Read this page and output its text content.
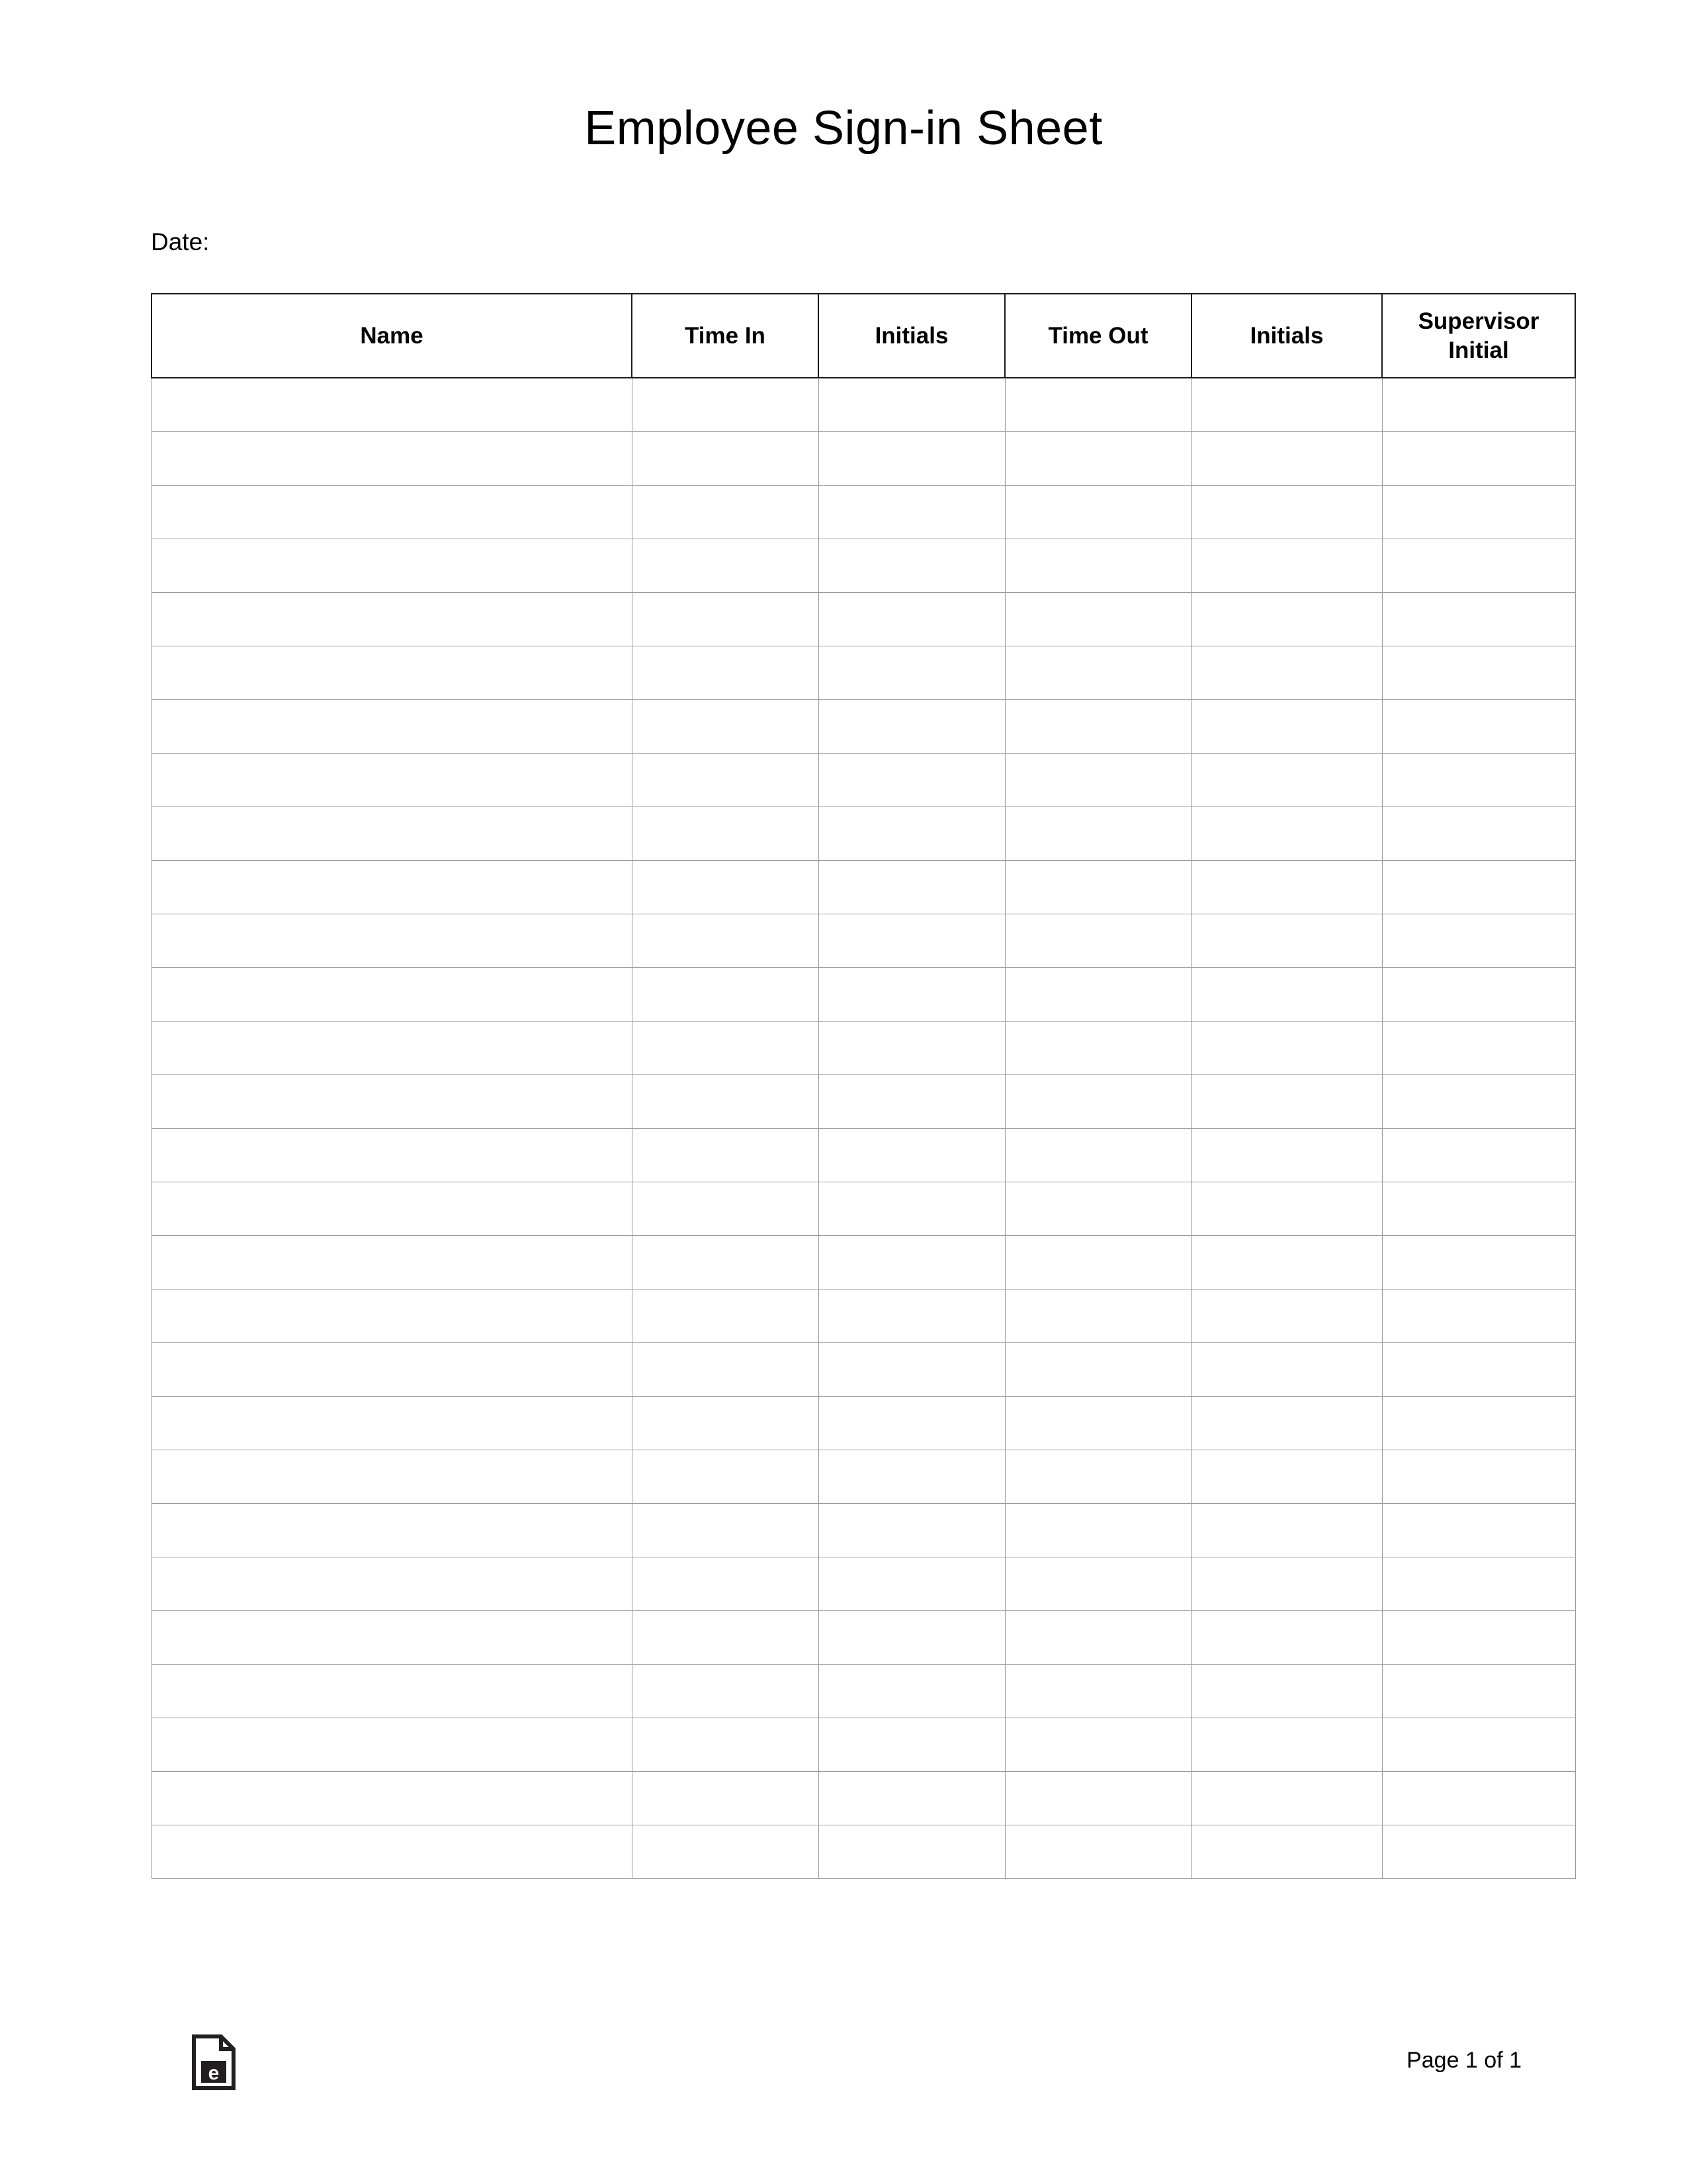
Employee Sign-in Sheet
Date:
Name	Time In	Initials	Time Out	Initials	Supervisor Initial

e
Page 1 of 1
